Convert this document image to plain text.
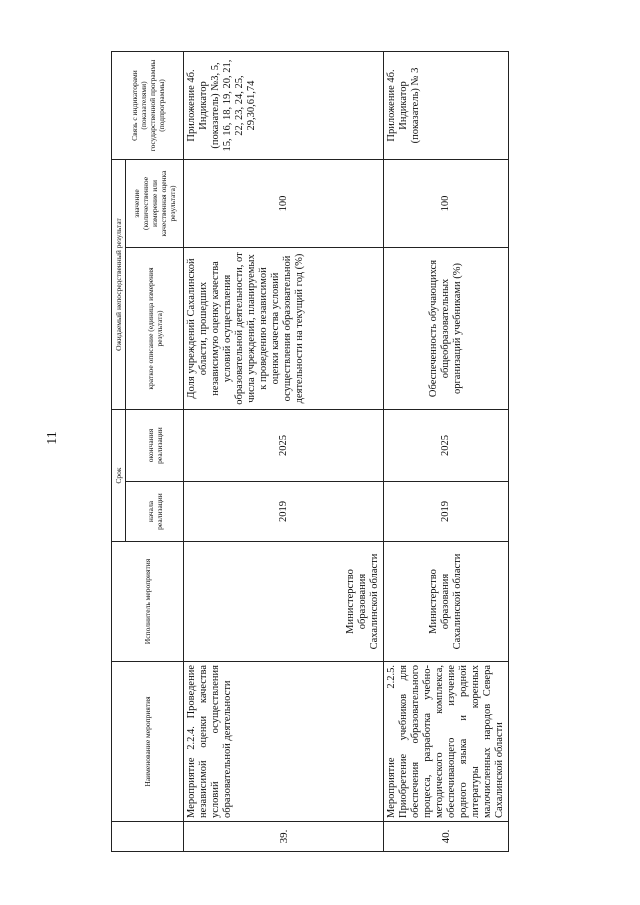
11
	Наименование мероприятия	Исполнитель мероприятия	Срок		Ожидаемый непосредственный результат		Связь с индикаторами (показателями) государственной программы (подпрограммы)
			начала реализации	окончания реализации	краткое описание (единица измерения результата)	значение (количественное измерение или качественная оценка результата)	
39.	Мероприятие 2.2.4. Проведение независимой оценки качества условий осуществления образовательной деятельности	Министерство образования Сахалинской области	2019	2025	Доля учреждений Сахалинской области, прошедших независимую оценку качества условий осуществления образовательной деятельности, от числа учреждений, планируемых к проведению независимой оценки качества условий осуществления образовательной деятельности на текущий год (%)	100	Приложение 4б. Индикатор (показатель) №3, 5, 15, 16, 18, 19, 20, 21, 22, 23, 24, 25, 29,30,61,74
40.	Мероприятие 2.2.5. Приобретение учебников для обеспечения образовательного процесса, разработка учебно-методического комплекса, обеспечивающего изучение родного языка и родной литературы коренных малочисленных народов Севера Сахалинской области	Министерство образования Сахалинской области	2019	2025	Обеспеченность обучающихся общеобразовательных организаций учебниками (%)	100	Приложение 4б. Индикатор (показатель) № 3
